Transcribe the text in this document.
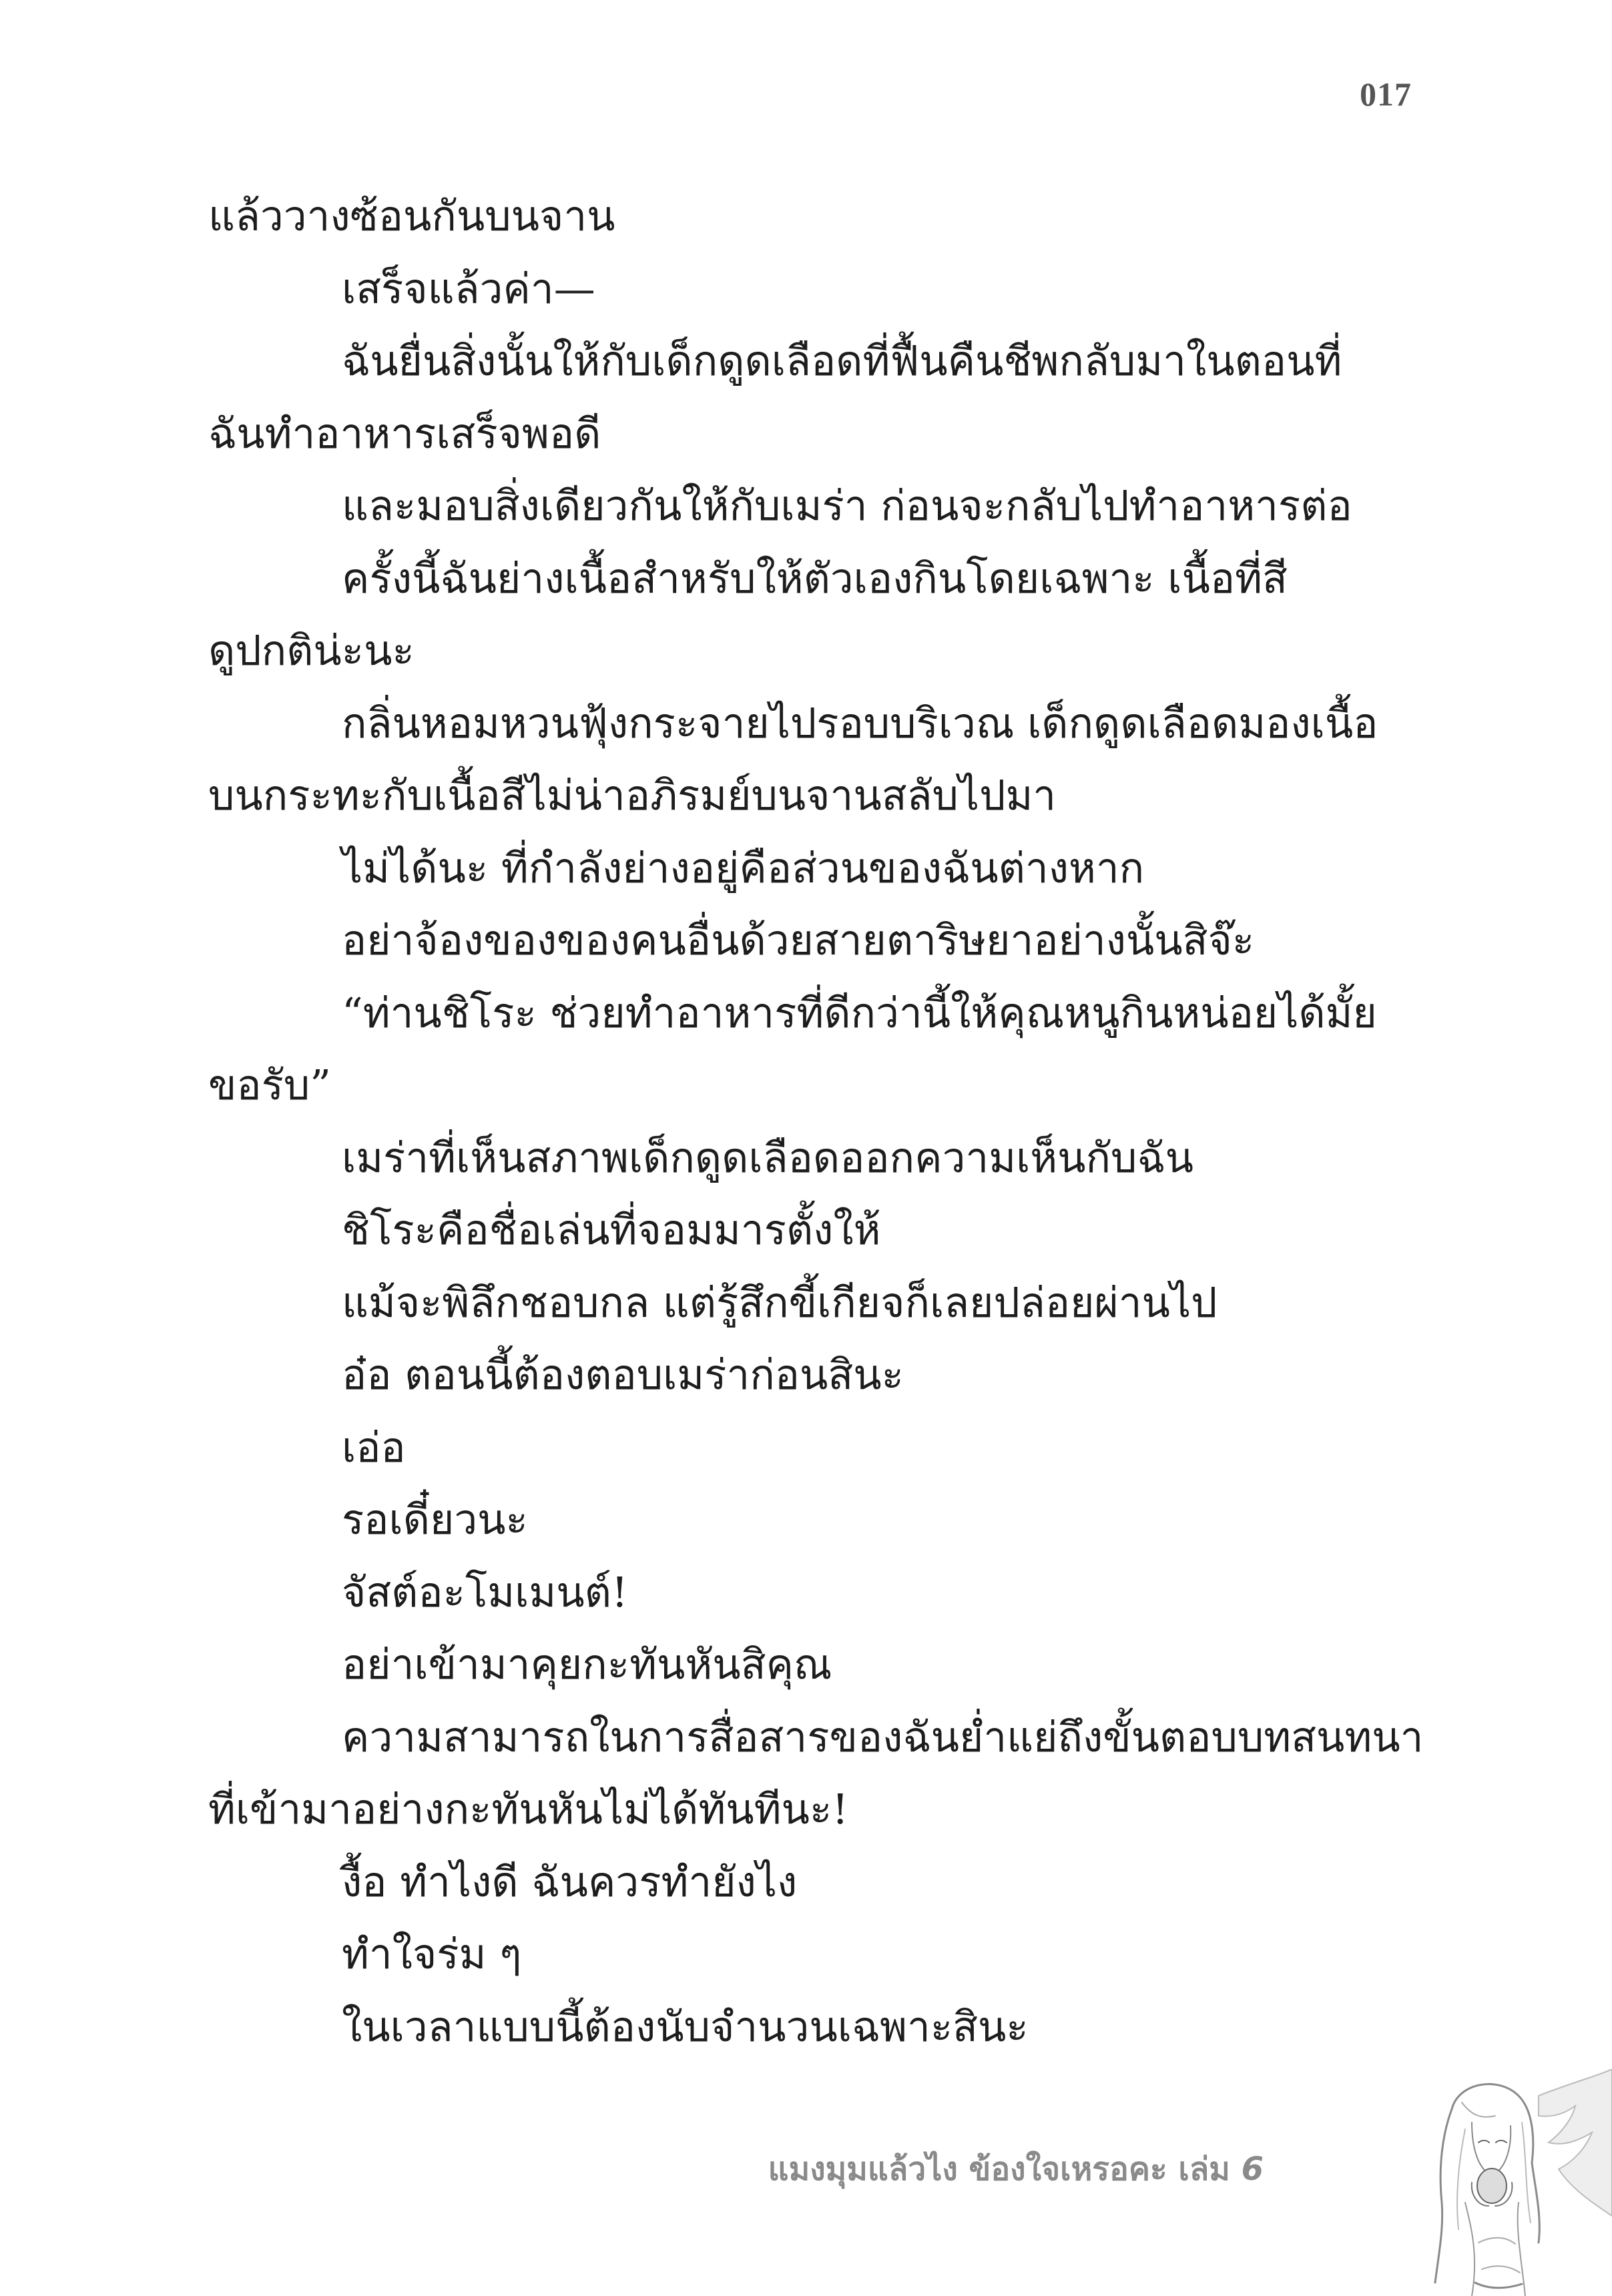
017

แล้ววางซ้อนกันบนจาน

เสร็จแล้วค่า—

ฉันยื่นสิ่งนั้นให้กับเด็กดูดเลือดที่ฟื้นคืนชีพกลับมาในตอนที่

ฉันทำอาหารเสร็จพอดี

และมอบสิ่งเดียวกันให้กับเมร่า ก่อนจะกลับไปทำอาหารต่อ

ครั้งนี้ฉันย่างเนื้อสำหรับให้ตัวเองกินโดยเฉพาะ เนื้อที่สี

ดูปกติน่ะนะ

กลิ่นหอมหวนฟุ้งกระจายไปรอบบริเวณ เด็กดูดเลือดมองเนื้อ

บนกระทะกับเนื้อสีไม่น่าอภิรมย์บนจานสลับไปมา

ไม่ได้นะ ที่กำลังย่างอยู่คือส่วนของฉันต่างหาก

อย่าจ้องของของคนอื่นด้วยสายตาริษยาอย่างนั้นสิจ๊ะ

“ท่านชิโระ ช่วยทำอาหารที่ดีกว่านี้ให้คุณหนูกินหน่อยได้มั้ย

ขอรับ”

เมร่าที่เห็นสภาพเด็กดูดเลือดออกความเห็นกับฉัน

ชิโระคือชื่อเล่นที่จอมมารตั้งให้

แม้จะพิลึกชอบกล แต่รู้สึกขี้เกียจก็เลยปล่อยผ่านไป

อ๋อ ตอนนี้ต้องตอบเมร่าก่อนสินะ

เอ่อ

รอเดี๋ยวนะ

จัสต์อะโมเมนต์!

อย่าเข้ามาคุยกะทันหันสิคุณ

ความสามารถในการสื่อสารของฉันย่ำแย่ถึงขั้นตอบบทสนทนา

ที่เข้ามาอย่างกะทันหันไม่ได้ทันทีนะ!

งื้อ ทำไงดี ฉันควรทำยังไง

ทำใจร่ม ๆ

ในเวลาแบบนี้ต้องนับจำนวนเฉพาะสินะ

แมงมุมแล้วไง ข้องใจเหรอคะ เล่ม 6
